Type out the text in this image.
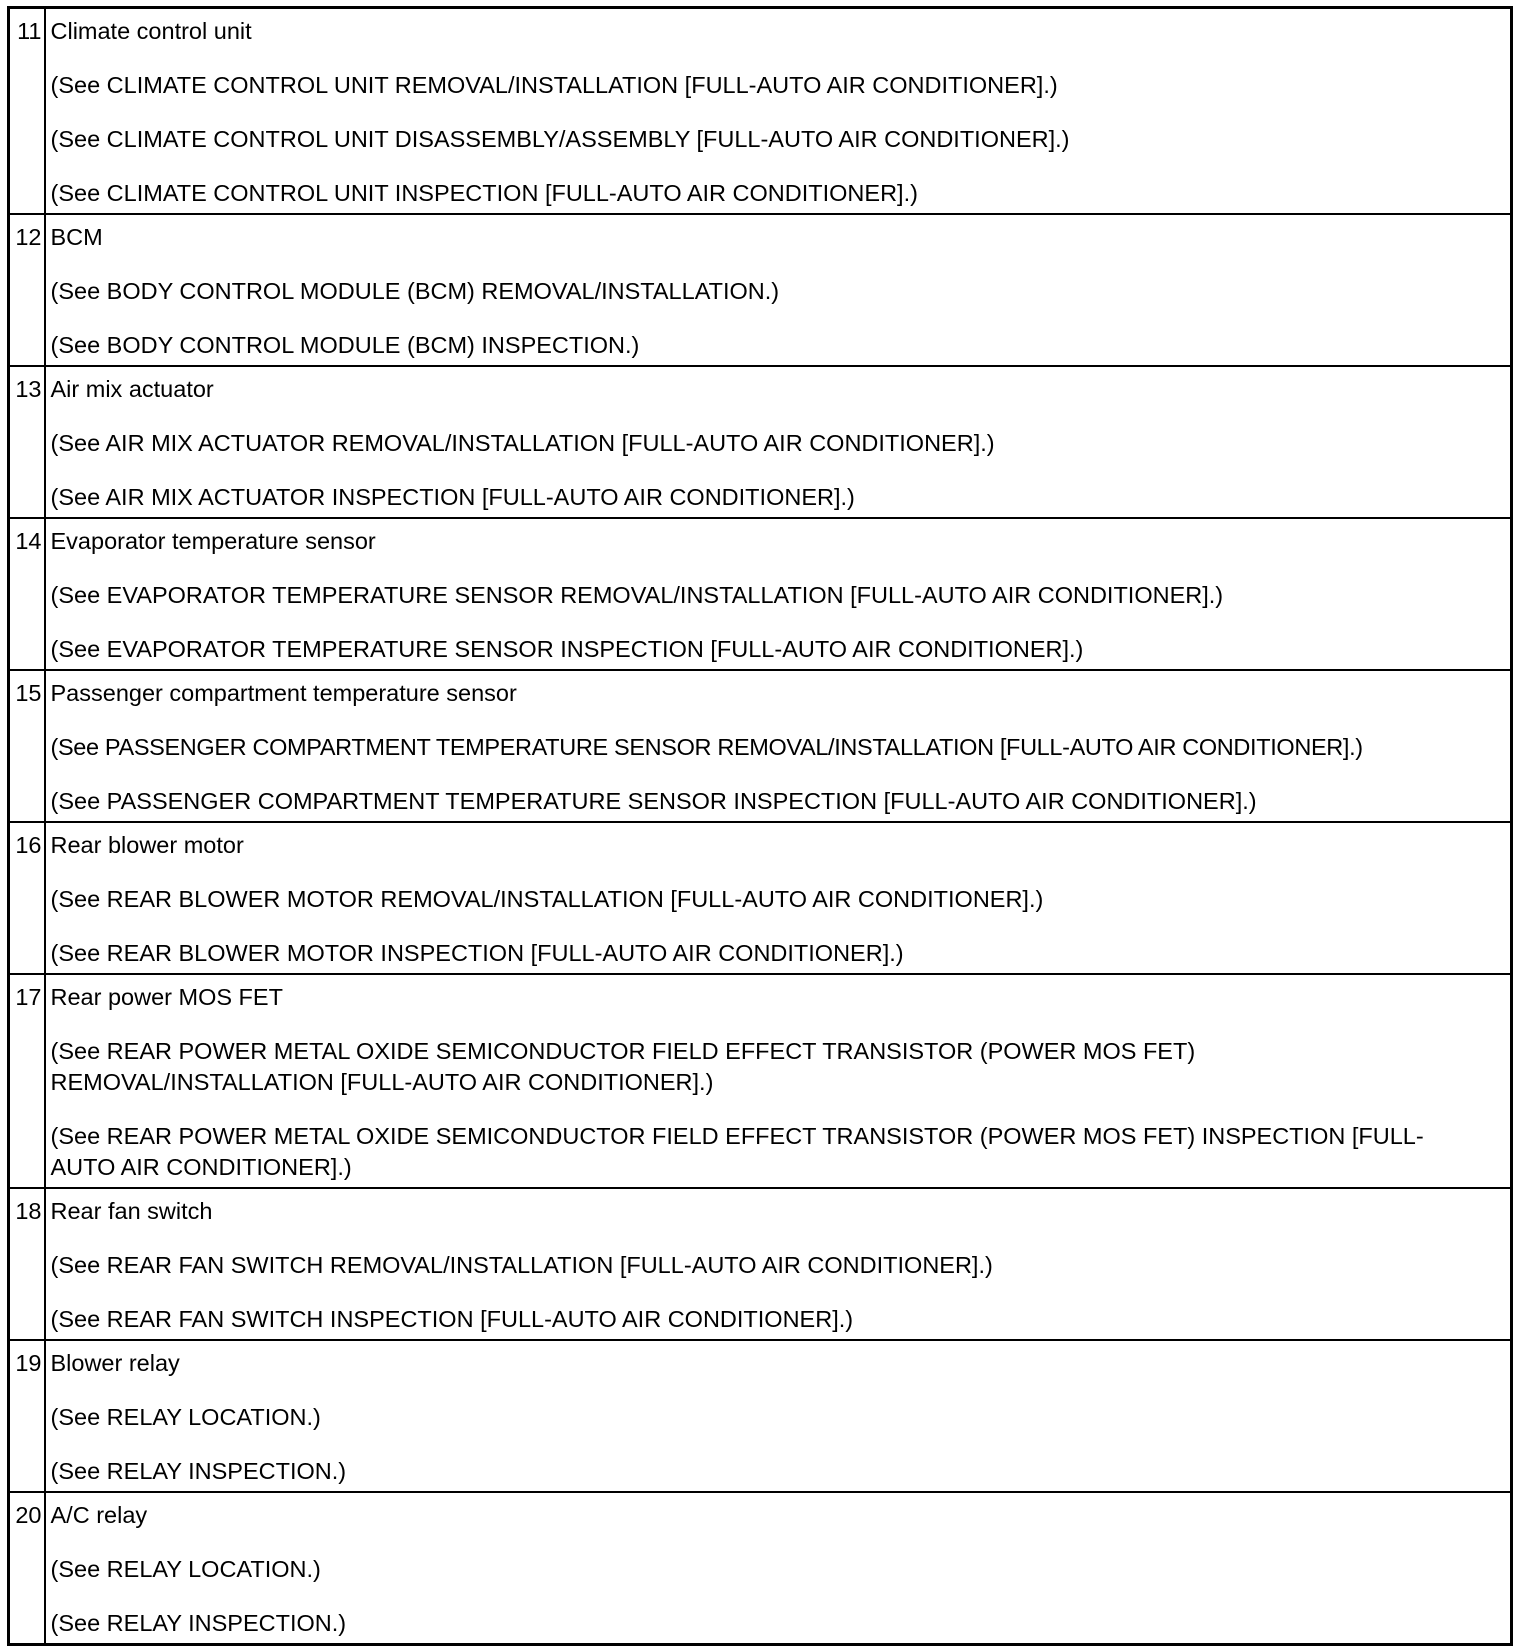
11	Climate control unit
(See CLIMATE CONTROL UNIT REMOVAL/INSTALLATION [FULL-AUTO AIR CONDITIONER].)
(See CLIMATE CONTROL UNIT DISASSEMBLY/ASSEMBLY [FULL-AUTO AIR CONDITIONER].)
(See CLIMATE CONTROL UNIT INSPECTION [FULL-AUTO AIR CONDITIONER].)

12	BCM
(See BODY CONTROL MODULE (BCM) REMOVAL/INSTALLATION.)
(See BODY CONTROL MODULE (BCM) INSPECTION.)

13	Air mix actuator
(See AIR MIX ACTUATOR REMOVAL/INSTALLATION [FULL-AUTO AIR CONDITIONER].)
(See AIR MIX ACTUATOR INSPECTION [FULL-AUTO AIR CONDITIONER].)

14	Evaporator temperature sensor
(See EVAPORATOR TEMPERATURE SENSOR REMOVAL/INSTALLATION [FULL-AUTO AIR CONDITIONER].)
(See EVAPORATOR TEMPERATURE SENSOR INSPECTION [FULL-AUTO AIR CONDITIONER].)

15	Passenger compartment temperature sensor
(See PASSENGER COMPARTMENT TEMPERATURE SENSOR REMOVAL/INSTALLATION [FULL-AUTO AIR CONDITIONER].)
(See PASSENGER COMPARTMENT TEMPERATURE SENSOR INSPECTION [FULL-AUTO AIR CONDITIONER].)

16	Rear blower motor
(See REAR BLOWER MOTOR REMOVAL/INSTALLATION [FULL-AUTO AIR CONDITIONER].)
(See REAR BLOWER MOTOR INSPECTION [FULL-AUTO AIR CONDITIONER].)

17	Rear power MOS FET
(See REAR POWER METAL OXIDE SEMICONDUCTOR FIELD EFFECT TRANSISTOR (POWER MOS FET) REMOVAL/INSTALLATION [FULL-AUTO AIR CONDITIONER].)
(See REAR POWER METAL OXIDE SEMICONDUCTOR FIELD EFFECT TRANSISTOR (POWER MOS FET) INSPECTION [FULL-AUTO AIR CONDITIONER].)

18	Rear fan switch
(See REAR FAN SWITCH REMOVAL/INSTALLATION [FULL-AUTO AIR CONDITIONER].)
(See REAR FAN SWITCH INSPECTION [FULL-AUTO AIR CONDITIONER].)

19	Blower relay
(See RELAY LOCATION.)
(See RELAY INSPECTION.)

20	A/C relay
(See RELAY LOCATION.)
(See RELAY INSPECTION.)
